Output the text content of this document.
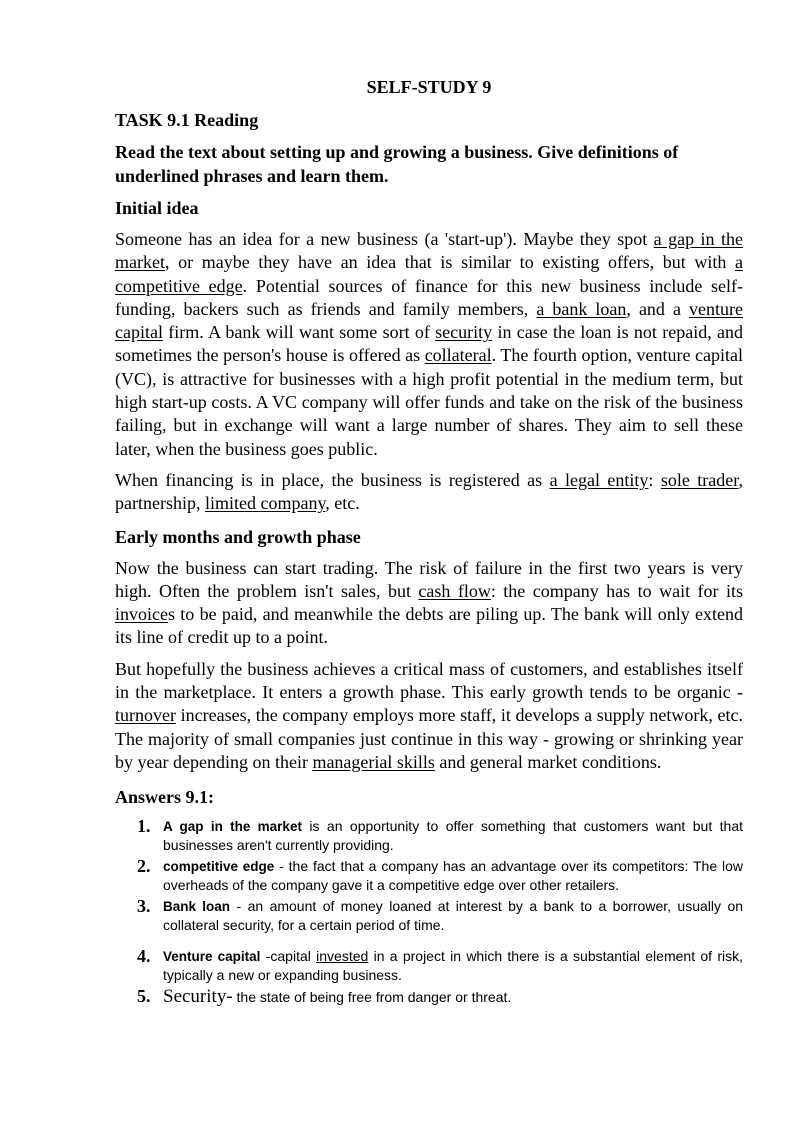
SELF-STUDY 9
TASK 9.1 Reading
Read the text about setting up and growing a business. Give definitions of underlined phrases and learn them.
Initial idea

Someone has an idea for a new business (a 'start-up'). Maybe they spot a gap in the market, or maybe they have an idea that is similar to existing offers, but with a competitive edge. Potential sources of finance for this new business include self-funding, backers such as friends and family members, a bank loan, and a venture capital firm. A bank will want some sort of security in case the loan is not repaid, and sometimes the person's house is offered as collateral. The fourth option, venture capital (VC), is attractive for businesses with a high profit potential in the medium term, but high start-up costs. A VC company will offer funds and take on the risk of the business failing, but in exchange will want a large number of shares. They aim to sell these later, when the business goes public.

When financing is in place, the business is registered as a legal entity: sole trader, partnership, limited company, etc.

Early months and growth phase

Now the business can start trading. The risk of failure in the first two years is very high. Often the problem isn't sales, but cash flow: the company has to wait for its invoices to be paid, and meanwhile the debts are piling up. The bank will only extend its line of credit up to a point.

But hopefully the business achieves a critical mass of customers, and establishes itself in the marketplace. It enters a growth phase. This early growth tends to be organic - turnover increases, the company employs more staff, it develops a supply network, etc. The majority of small companies just continue in this way - growing or shrinking year by year depending on their managerial skills and general market conditions.

Answers 9.1:
1. A gap in the market is an opportunity to offer something that customers want but that businesses aren't currently providing.
2. competitive edge - the fact that a company has an advantage over its competitors: The low overheads of the company gave it a competitive edge over other retailers.
3. Bank loan - an amount of money loaned at interest by a bank to a borrower, usually on collateral security, for a certain period of time.
4. Venture capital -capital invested in a project in which there is a substantial element of risk, typically a new or expanding business.
5. Security- the state of being free from danger or threat.
